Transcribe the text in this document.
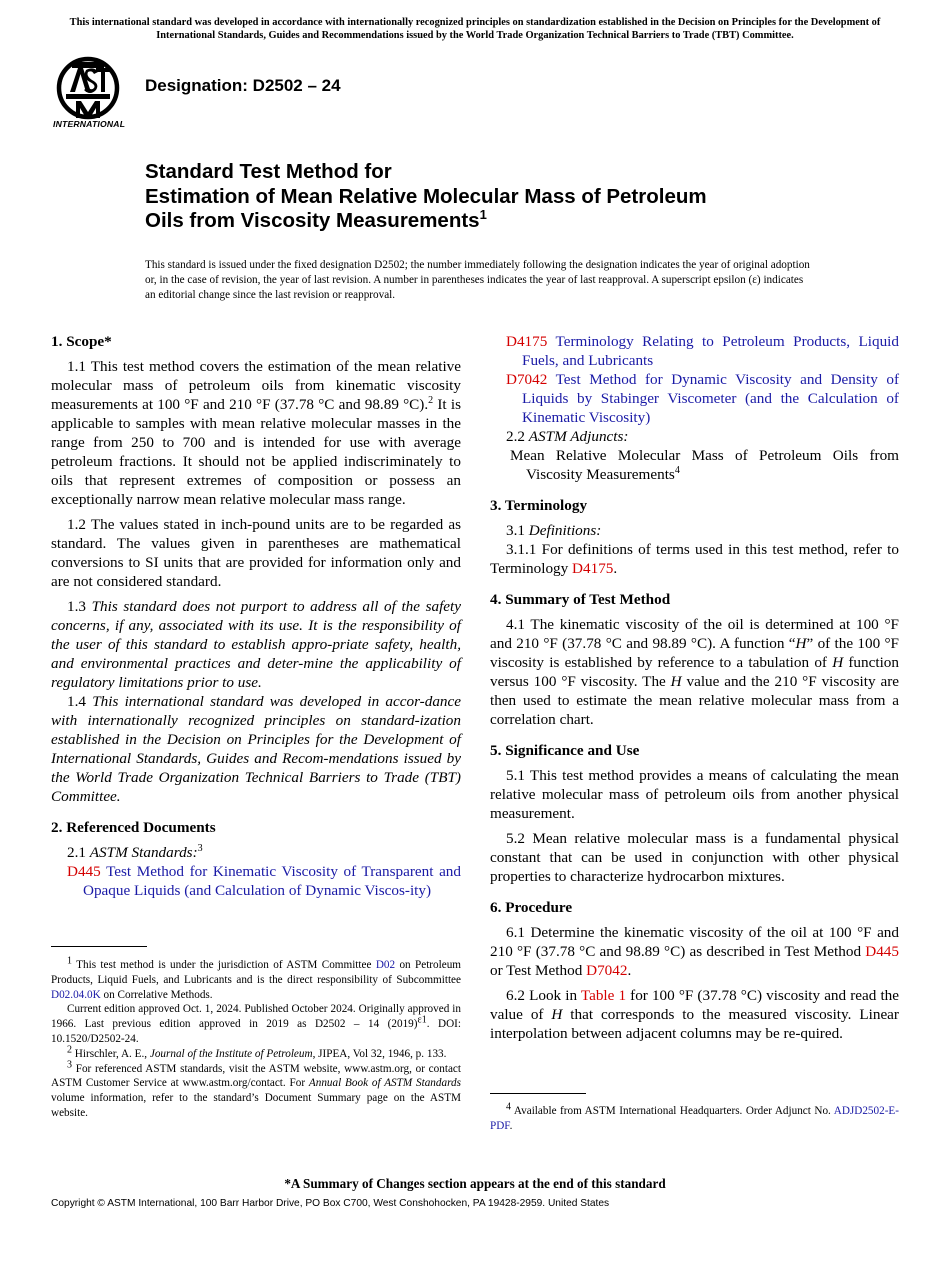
This international standard was developed in accordance with internationally recognized principles on standardization established in the Decision on Principles for the Development of International Standards, Guides and Recommendations issued by the World Trade Organization Technical Barriers to Trade (TBT) Committee.
INTERNATIONAL
Designation: D2502 – 24
Standard Test Method for
Estimation of Mean Relative Molecular Mass of Petroleum
Oils from Viscosity Measurements$^1$
This standard is issued under the fixed designation D2502; the number immediately following the designation indicates the year of original adoption or, in the case of revision, the year of last revision. A number in parentheses indicates the year of last reapproval. A superscript epsilon (ε) indicates an editorial change since the last revision or reapproval.
1. Scope*

1.1 This test method covers the estimation of the mean relative molecular mass of petroleum oils from kinematic viscosity measurements at 100 °F and 210 °F (37.78 °C and 98.89 °C).$^2$ It is applicable to samples with mean relative molecular masses in the range from 250 to 700 and is intended for use with average petroleum fractions. It should not be applied indiscriminately to oils that represent extremes of composition or possess an exceptionally narrow mean relative molecular mass range.

1.2 The values stated in inch-pound units are to be regarded as standard. The values given in parentheses are mathematical conversions to SI units that are provided for information only and are not considered standard.

1.3 This standard does not purport to address all of the safety concerns, if any, associated with its use. It is the responsibility of the user of this standard to establish appro-priate safety, health, and environmental practices and deter-mine the applicability of regulatory limitations prior to use.

1.4 This international standard was developed in accor-dance with internationally recognized principles on standard-ization established in the Decision on Principles for the Development of International Standards, Guides and Recom-mendations issued by the World Trade Organization Technical Barriers to Trade (TBT) Committee.

2. Referenced Documents

2.1 ASTM Standards:$^3$

D445 Test Method for Kinematic Viscosity of Transparent and Opaque Liquids (and Calculation of Dynamic Viscos-ity)

$^1$ This test method is under the jurisdiction of ASTM Committee D02 on Petroleum Products, Liquid Fuels, and Lubricants and is the direct responsibility of Subcommittee D02.04.0K on Correlative Methods.

Current edition approved Oct. 1, 2024. Published October 2024. Originally approved in 1966. Last previous edition approved in 2019 as D2502 – 14 $(2019)^{\varepsilon 1}$. DOI: 10.1520/D2502-24.

$^2$ Hirschler, A. E., Journal of the Institute of Petroleum, JIPEA, Vol 32, 1946, p. 133.

$^3$ For referenced ASTM standards, visit the ASTM website, www.astm.org, or contact ASTM Customer Service at www.astm.org/contact. For Annual Book of ASTM Standards volume information, refer to the standard’s Document Summary page on the ASTM website.

D4175 Terminology Relating to Petroleum Products, Liquid Fuels, and Lubricants

D7042 Test Method for Dynamic Viscosity and Density of Liquids by Stabinger Viscometer (and the Calculation of Kinematic Viscosity)

2.2 ASTM Adjuncts:

Mean Relative Molecular Mass of Petroleum Oils from Viscosity Measurements$^4$

3. Terminology

3.1 Definitions:

3.1.1 For definitions of terms used in this test method, refer to Terminology D4175.

4. Summary of Test Method

4.1 The kinematic viscosity of the oil is determined at 100 °F and 210 °F (37.78 °C and 98.89 °C). A function “H” of the 100 °F viscosity is established by reference to a tabulation of H function versus 100 °F viscosity. The H value and the 210 °F viscosity are then used to estimate the mean relative molecular mass from a correlation chart.

5. Significance and Use

5.1 This test method provides a means of calculating the mean relative molecular mass of petroleum oils from another physical measurement.

5.2 Mean relative molecular mass is a fundamental physical constant that can be used in conjunction with other physical properties to characterize hydrocarbon mixtures.

6. Procedure

6.1 Determine the kinematic viscosity of the oil at 100 °F and 210 °F (37.78 °C and 98.89 °C) as described in Test Method D445 or Test Method D7042.

6.2 Look in Table 1 for 100 °F (37.78 °C) viscosity and read the value of H that corresponds to the measured viscosity. Linear interpolation between adjacent columns may be re-quired.

$^4$ Available from ASTM International Headquarters. Order Adjunct No. ADJD2502-E-PDF.

*A Summary of Changes section appears at the end of this standard
Copyright © ASTM International, 100 Barr Harbor Drive, PO Box C700, West Conshohocken, PA 19428-2959. United States
